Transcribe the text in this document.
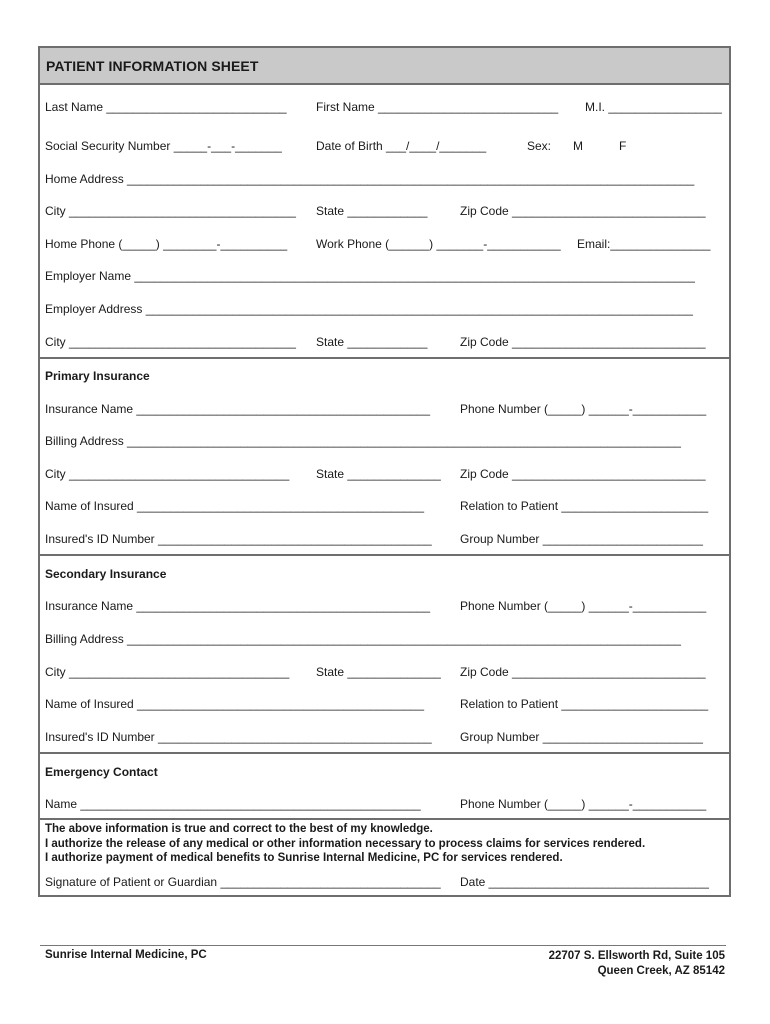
PATIENT INFORMATION SHEET
Last Name ___________________________ First Name ___________________________ M.I. _________________
Social Security Number _____-___-_______	Date of Birth ___/____/_______	Sex: M	F
Home Address _____________________________________________________________________________________
City __________________________________ State ____________	Zip Code _____________________________
Home Phone (_____) ________-__________ Work Phone (______) _______-___________ Email:_______________
Employer Name ____________________________________________________________________________________
Employer Address __________________________________________________________________________________
City __________________________________ State ____________	Zip Code _____________________________
Primary Insurance
Insurance Name ____________________________________________ Phone Number (_____) ______-___________
Billing Address ___________________________________________________________________________________
City _________________________________ State ______________ Zip Code _____________________________
Name of Insured ___________________________________________	Relation to Patient ______________________
Insured's ID Number _________________________________________ Group Number ________________________
Secondary Insurance
Insurance Name ____________________________________________ Phone Number (_____) ______-___________
Billing Address ___________________________________________________________________________________
City _________________________________ State ______________ Zip Code _____________________________
Name of Insured ___________________________________________	Relation to Patient ______________________
Insured's ID Number _________________________________________ Group Number ________________________
Emergency Contact
Name ___________________________________________________	Phone Number (_____) ______-___________
The above information is true and correct to the best of my knowledge.
I authorize the release of any medical or other information necessary to process claims for services rendered.
I authorize payment of medical benefits to Sunrise Internal Medicine, PC for services rendered.
Signature of Patient or Guardian _________________________________ Date _________________________________
Sunrise Internal Medicine, PC	22707 S. Ellsworth Rd, Suite 105
Queen Creek, AZ 85142
